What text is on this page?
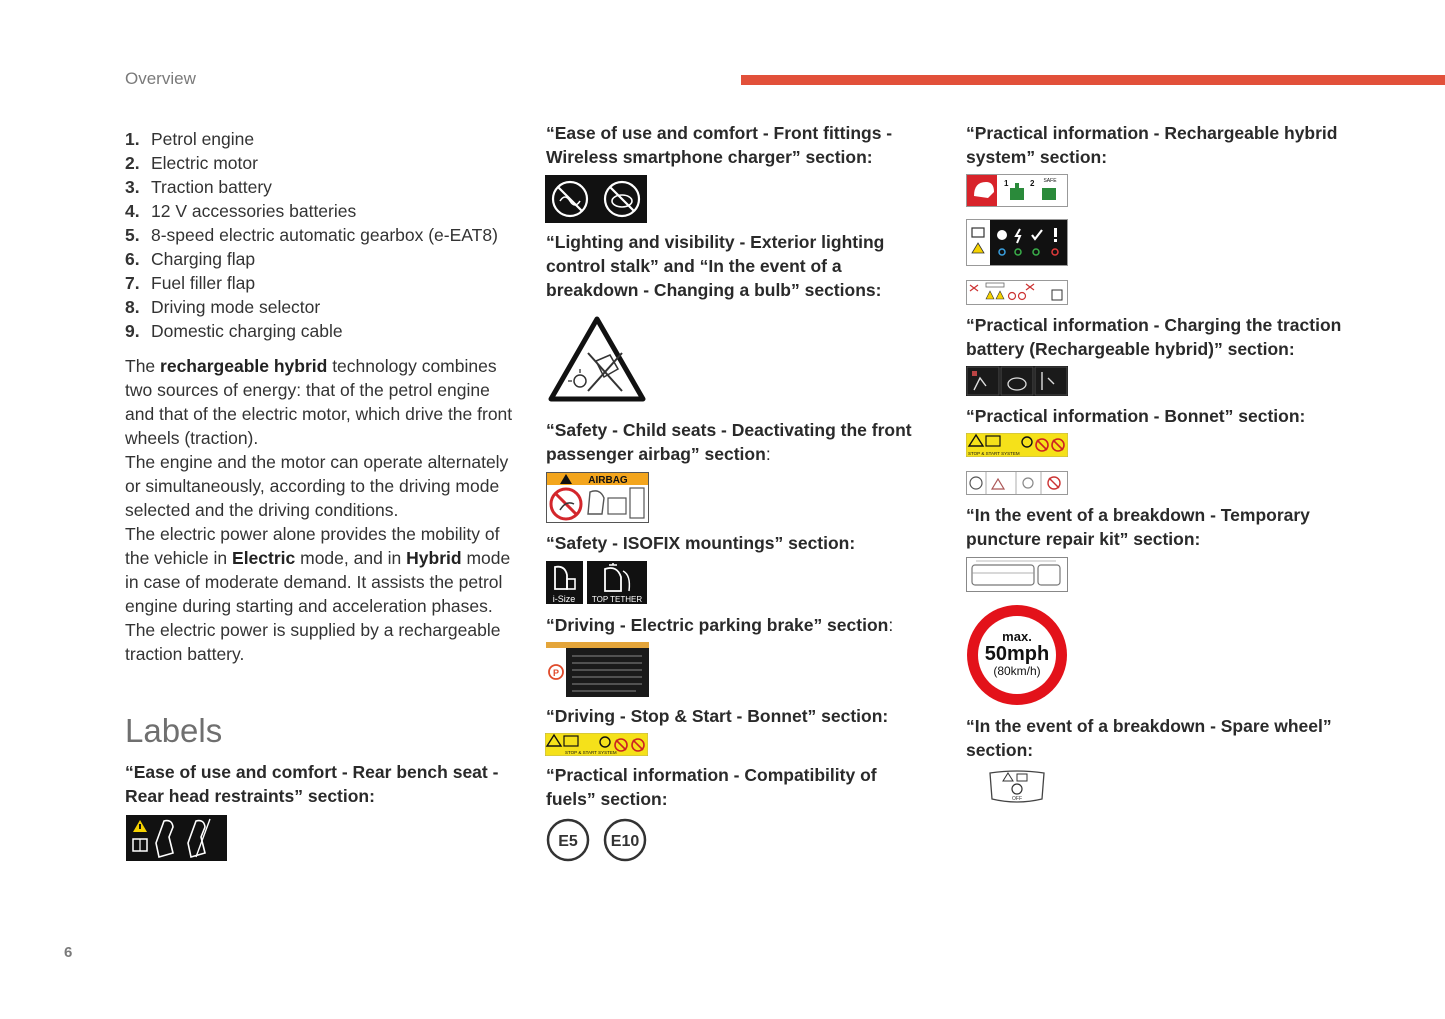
Overview
1. Petrol engine
2. Electric motor
3. Traction battery
4. 12 V accessories batteries
5. 8-speed electric automatic gearbox (e-EAT8)
6. Charging flap
7. Fuel filler flap
8. Driving mode selector
9. Domestic charging cable
The rechargeable hybrid technology combines two sources of energy: that of the petrol engine and that of the electric motor, which drive the front wheels (traction).
The engine and the motor can operate alternately or simultaneously, according to the driving mode selected and the driving conditions.
The electric power alone provides the mobility of the vehicle in Electric mode, and in Hybrid mode in case of moderate demand. It assists the petrol engine during starting and acceleration phases.
The electric power is supplied by a rechargeable traction battery.
Labels
“Ease of use and comfort - Rear bench seat - Rear head restraints” section:
“Ease of use and comfort - Front fittings - Wireless smartphone charger” section:
“Lighting and visibility - Exterior lighting control stalk” and “In the event of a breakdown - Changing a bulb” sections:
“Safety - Child seats - Deactivating the front passenger airbag” section:
AIRBAG
“Safety - ISOFIX mountings” section:
i-Size TOP TETHER
“Driving - Electric parking brake” section:
P
“Driving - Stop & Start - Bonnet” section:
STOP & START SYSTEM
“Practical information - Compatibility of fuels” section:
E5 E10
“Practical information - Rechargeable hybrid system” section:
1	2 SAFE
“Practical information - Charging the traction battery (Rechargeable hybrid)” section:
“Practical information - Bonnet” section:
STOP & START SYSTEM
“In the event of a breakdown - Temporary puncture repair kit” section:
max.
50mph
(80km/h)
“In the event of a breakdown - Spare wheel” section:
OFF
6
